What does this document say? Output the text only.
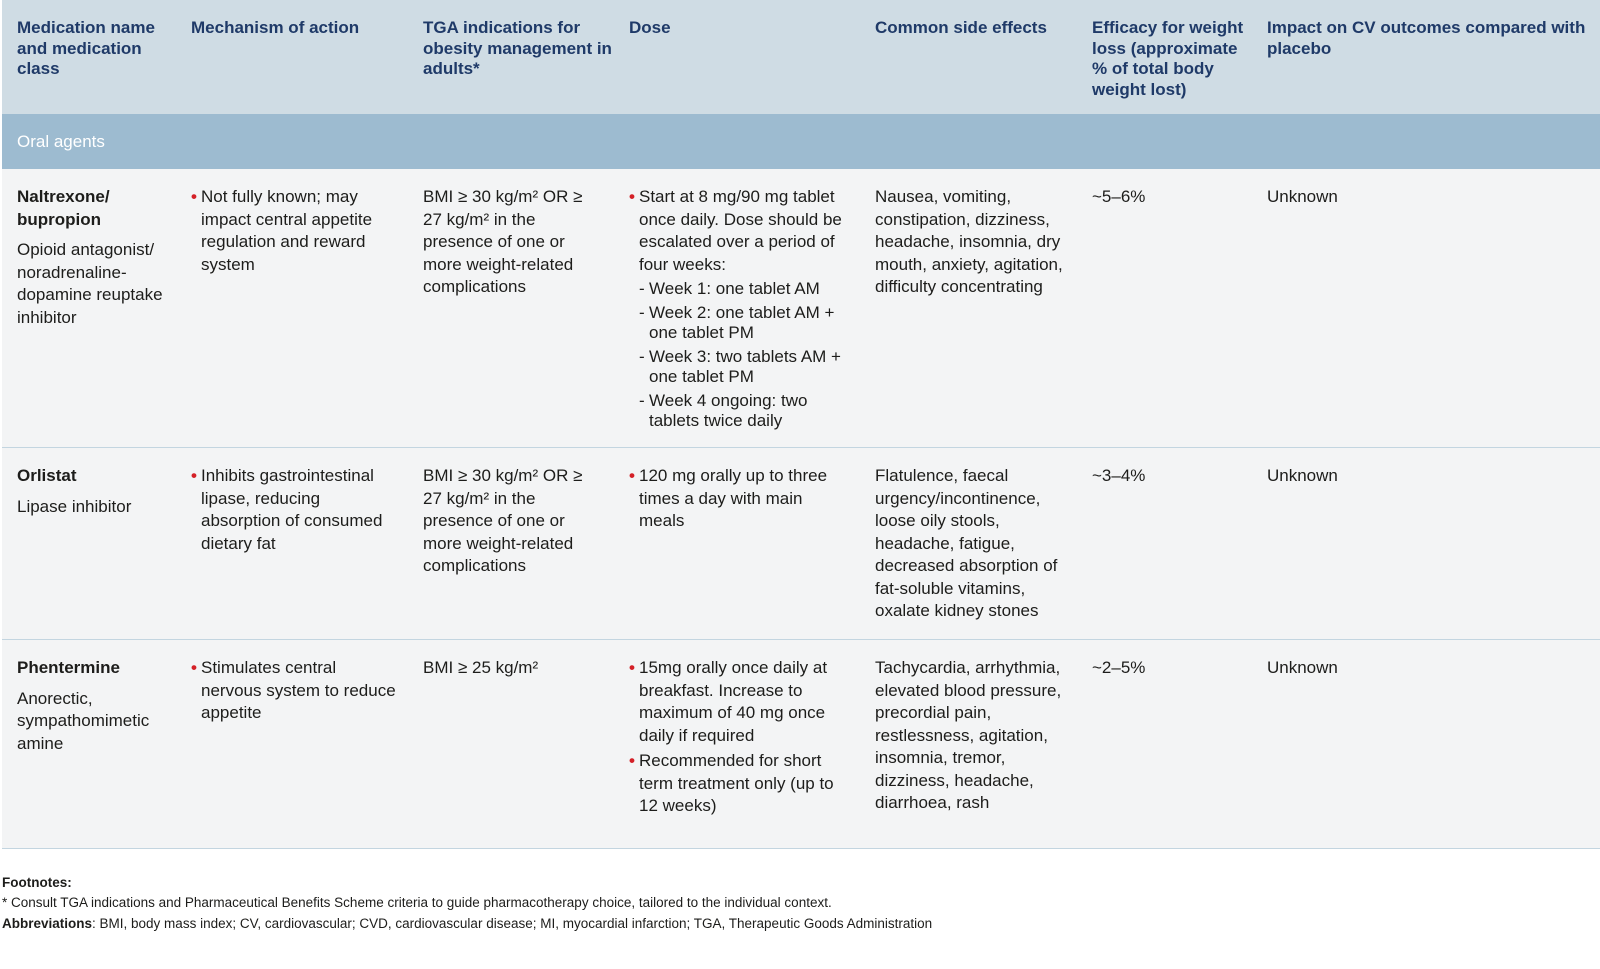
Medication name and medication class
Mechanism of action	TGA indications for obesity management in adults*
Dose	Common side effects	Efficacy for weight loss (approximate % of total body weight lost)
Impact on CV outcomes compared with placebo
Oral agents
Naltrexone/ bupropion
Opioid antagonist/ noradrenaline-dopamine reuptake inhibitor
• Not fully known; may impact central appetite regulation and reward system
BMI ≥ 30 kg/m² OR ≥ 27 kg/m² in the presence of one or more weight-related complications
• Start at 8 mg/90 mg tablet once daily. Dose should be escalated over a period of four weeks:
- Week 1: one tablet AM
- Week 2: one tablet AM + one tablet PM
- Week 3: two tablets AM + one tablet PM
- Week 4 ongoing: two tablets twice daily
Nausea, vomiting, constipation, dizziness, headache, insomnia, dry mouth, anxiety, agitation, difficulty concentrating
~5–6%	Unknown
Orlistat
Lipase inhibitor
• Inhibits gastrointestinal lipase, reducing absorption of consumed dietary fat
BMI ≥ 30 kg/m² OR ≥ 27 kg/m² in the presence of one or more weight-related complications
• 120 mg orally up to three times a day with main meals
Flatulence, faecal urgency/incontinence, loose oily stools, headache, fatigue, decreased absorption of fat-soluble vitamins, oxalate kidney stones
~3–4%	Unknown
Phentermine
Anorectic, sympathomimetic amine
• Stimulates central nervous system to reduce appetite
BMI ≥ 25 kg/m²
•	15mg orally once daily at breakfast. Increase to maximum of 40 mg once daily if required
• Recommended for short term treatment only (up to 12 weeks)
Tachycardia, arrhythmia, elevated blood pressure, precordial pain, restlessness, agitation, insomnia, tremor, dizziness, headache, diarrhoea, rash
~2–5%	Unknown
Footnotes:
* Consult TGA indications and Pharmaceutical Benefits Scheme criteria to guide pharmacotherapy choice, tailored to the individual context.
Abbreviations: BMI, body mass index; CV, cardiovascular; CVD, cardiovascular disease; MI, myocardial infarction; TGA, Therapeutic Goods Administration
